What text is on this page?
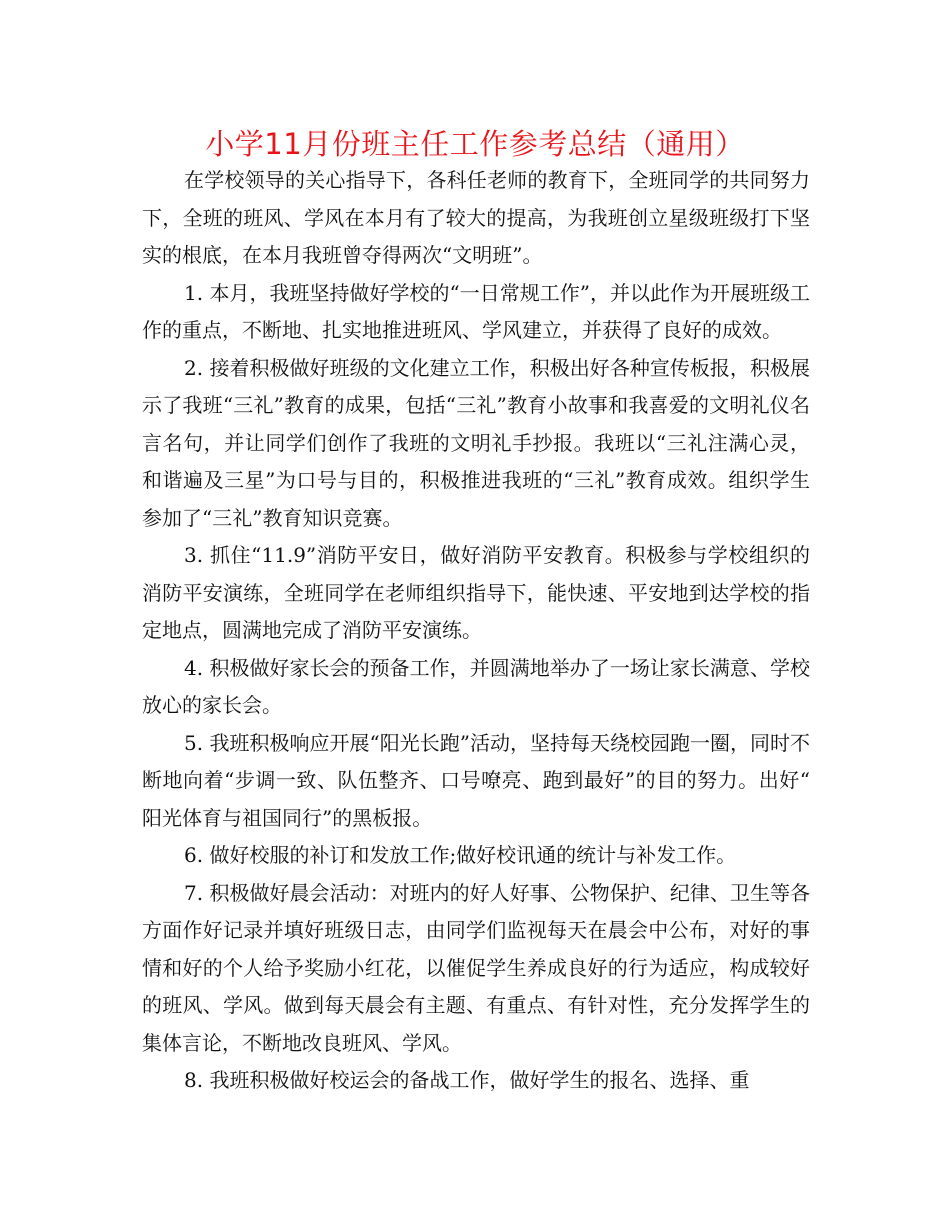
小学11月份班主任工作参考总结（通用）

在学校领导的关心指导下，各科任老师的教育下，全班同学的共同努力下，全班的班风、学风在本月有了较大的提高，为我班创立星级班级打下坚实的根底，在本月我班曾夺得两次“文明班”。

1. 本月，我班坚持做好学校的“一日常规工作”，并以此作为开展班级工作的重点，不断地、扎实地推进班风、学风建立，并获得了良好的成效。

2. 接着积极做好班级的文化建立工作，积极出好各种宣传板报，积极展示了我班“三礼”教育的成果，包括“三礼”教育小故事和我喜爱的文明礼仪名言名句，并让同学们创作了我班的文明礼手抄报。我班以“三礼注满心灵，和谐遍及三星”为口号与目的，积极推进我班的“三礼”教育成效。组织学生参加了“三礼”教育知识竞赛。

3. 抓住“11.9”消防平安日，做好消防平安教育。积极参与学校组织的消防平安演练，全班同学在老师组织指导下，能快速、平安地到达学校的指定地点，圆满地完成了消防平安演练。

4. 积极做好家长会的预备工作，并圆满地举办了一场让家长满意、学校放心的家长会。

5. 我班积极响应开展“阳光长跑”活动，坚持每天绕校园跑一圈，同时不断地向着“步调一致、队伍整齐、口号嘹亮、跑到最好”的目的努力。出好“　阳光体育与祖国同行”的黑板报。

6. 做好校服的补订和发放工作;做好校讯通的统计与补发工作。

7. 积极做好晨会活动：对班内的好人好事、公物保护、纪律、卫生等各方面作好记录并填好班级日志，由同学们监视每天在晨会中公布，对好的事情和好的个人给予奖励小红花，以催促学生养成良好的行为适应，构成较好的班风、学风。做到每天晨会有主题、有重点、有针对性，充分发挥学生的集体言论，不断地改良班风、学风。

8. 我班积极做好校运会的备战工作，做好学生的报名、选择、重
